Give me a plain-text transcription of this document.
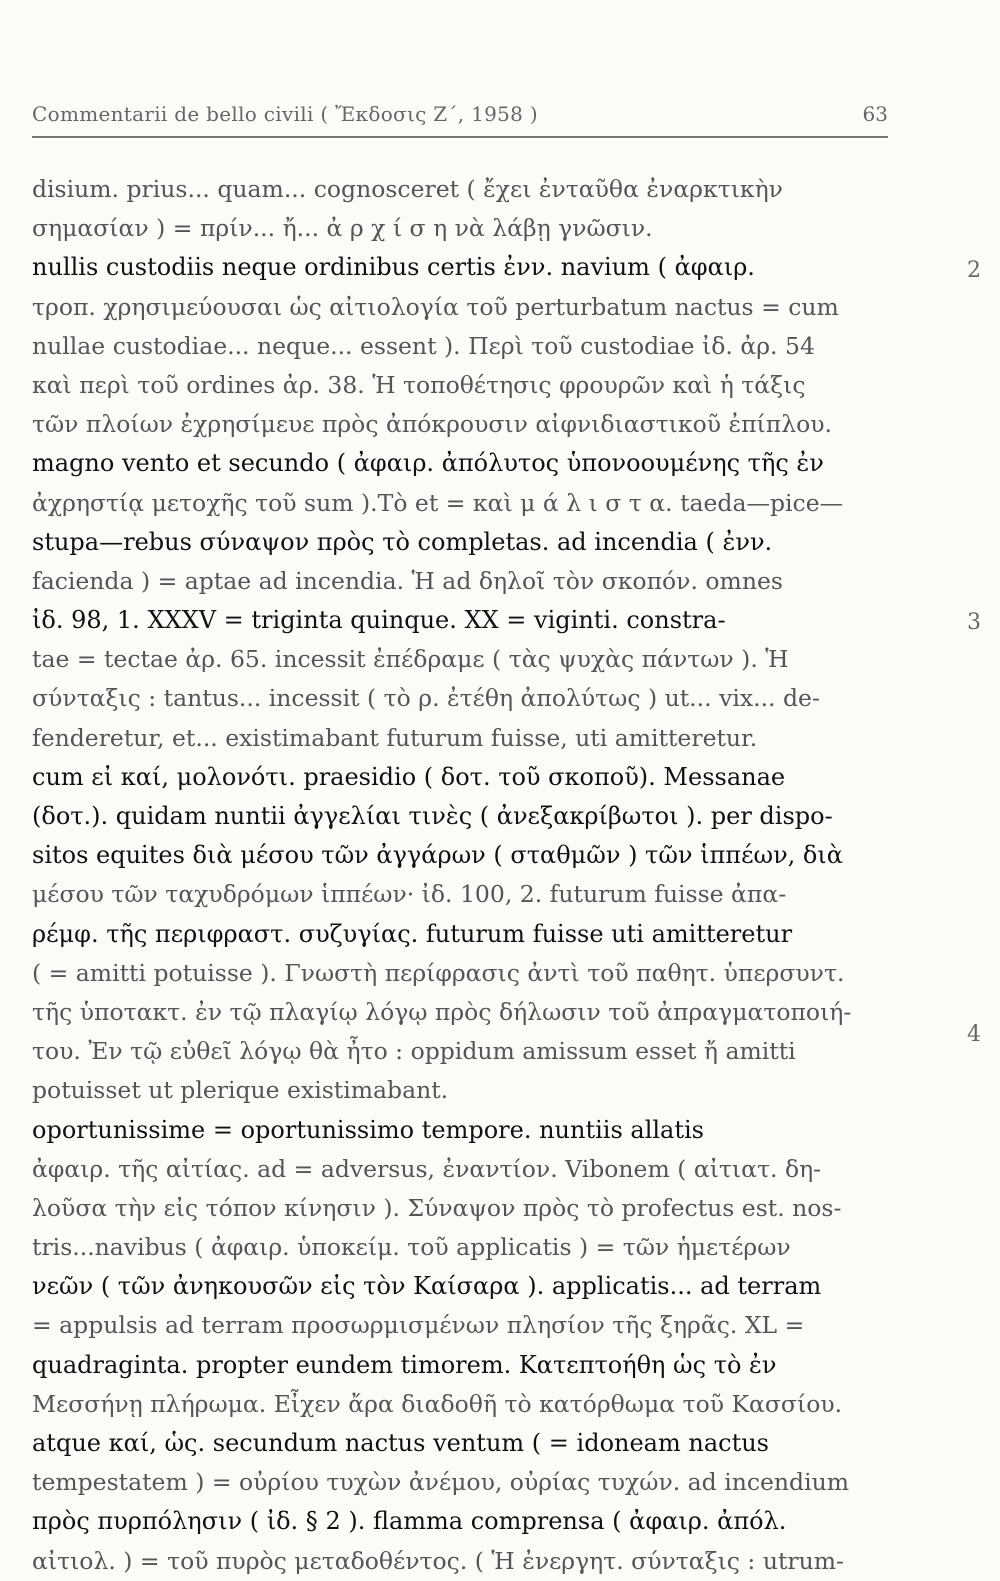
Commentarii de bello civili ( Ἔκδοσις Ζ΄, 1958 )	63
disium. prius... quam... cognosceret ( ἔχει ἐνταῦθα ἐναρκτικὴν
σημασίαν ) = πρίν... ἤ... ἀ ρ χ ί σ η νὰ λάβῃ γνῶσιν.
nullis custodiis neque ordinibus certis ἐνν. navium ( ἀφαιρ.
τροπ. χρησιμεύουσαι ὡς αἰτιολογία τοῦ perturbatum nactus = cum
nullae custodiae... neque... essent ). Περὶ τοῦ custodiae ἰδ. ἀρ. 54
καὶ περὶ τοῦ ordines ἀρ. 38. Ἡ τοποθέτησις φρουρῶν καὶ ἡ τάξις
τῶν πλοίων ἐχρησίμευε πρὸς ἀπόκρουσιν αἰφνιδιαστικοῦ ἐπίπλου.
magno vento et secundo ( ἀφαιρ. ἀπόλυτος ὑπονοουμένης τῆς ἐν
ἀχρηστίᾳ μετοχῆς τοῦ sum ).Τὸ et = καὶ μ ά λ ι σ τ α. taeda—pice—
stupa—rebus σύναψον πρὸς τὸ completas. ad incendia ( ἐνν.
facienda ) = aptae ad incendia. Ἡ ad δηλοῖ τὸν σκοπόν. omnes
ἰδ. 98, 1. XXXV = triginta quinque. XX = viginti. constra-
tae = tectae ἀρ. 65. incessit ἐπέδραμε ( τὰς ψυχὰς πάντων ). Ἡ
σύνταξις : tantus... incessit ( τὸ ρ. ἐτέθη ἀπολύτως ) ut... vix... de-
fenderetur, et... existimabant futurum fuisse, uti amitteretur.
cum εἰ καί, μολονότι. praesidio ( δοτ. τοῦ σκοποῦ). Messanae
(δοτ.). quidam nuntii ἀγγελίαι τινὲς ( ἀνεξακρίβωτοι ). per dispo-
sitos equites διὰ μέσου τῶν ἀγγάρων ( σταθμῶν ) τῶν ἱππέων, διὰ
μέσου τῶν ταχυδρόμων ἱππέων· ἰδ. 100, 2. futurum fuisse ἀπα-
ρέμφ. τῆς περιφραστ. συζυγίας. futurum fuisse uti amitteretur
( = amitti potuisse ). Γνωστὴ περίφρασις ἀντὶ τοῦ παθητ. ὑπερσυντ.
τῆς ὑποτακτ. ἐν τῷ πλαγίῳ λόγῳ πρὸς δήλωσιν τοῦ ἀπραγματοποιή-
του. Ἐν τῷ εὐθεῖ λόγῳ θὰ ἦτο : oppidum amissum esset ἤ amitti
potuisset ut plerique existimabant.
oportunissime = oportunissimo tempore. nuntiis allatis
ἀφαιρ. τῆς αἰτίας. ad = adversus, ἐναντίον. Vibonem ( αἰτιατ. δη-
λοῦσα τὴν εἰς τόπον κίνησιν ). Σύναψον πρὸς τὸ profectus est. nos-
tris...navibus ( ἀφαιρ. ὑποκείμ. τοῦ applicatis ) = τῶν ἡμετέρων
νεῶν ( τῶν ἀνηκουσῶν εἰς τὸν Καίσαρα ). applicatis... ad terram
= appulsis ad terram προσωρμισμένων πλησίον τῆς ξηρᾶς. XL =
quadraginta. propter eundem timorem. Κατεπτοήθη ὡς τὸ ἐν
Μεσσήνῃ πλήρωμα. Εἶχεν ἄρα διαδοθῆ τὸ κατόρθωμα τοῦ Κασσίου.
atque καί, ὡς. secundum nactus ventum ( = idoneam nactus
tempestatem ) = οὐρίου τυχὼν ἀνέμου, οὐρίας τυχών. ad incendium
πρὸς πυρπόλησιν ( ἰδ. § 2 ). flamma comprensa ( ἀφαιρ. ἀπόλ.
αἰτιολ. ) = τοῦ πυρὸς μεταδοθέντος. ( Ἡ ἐνεργητ. σύνταξις : utrum-
2
3
4
